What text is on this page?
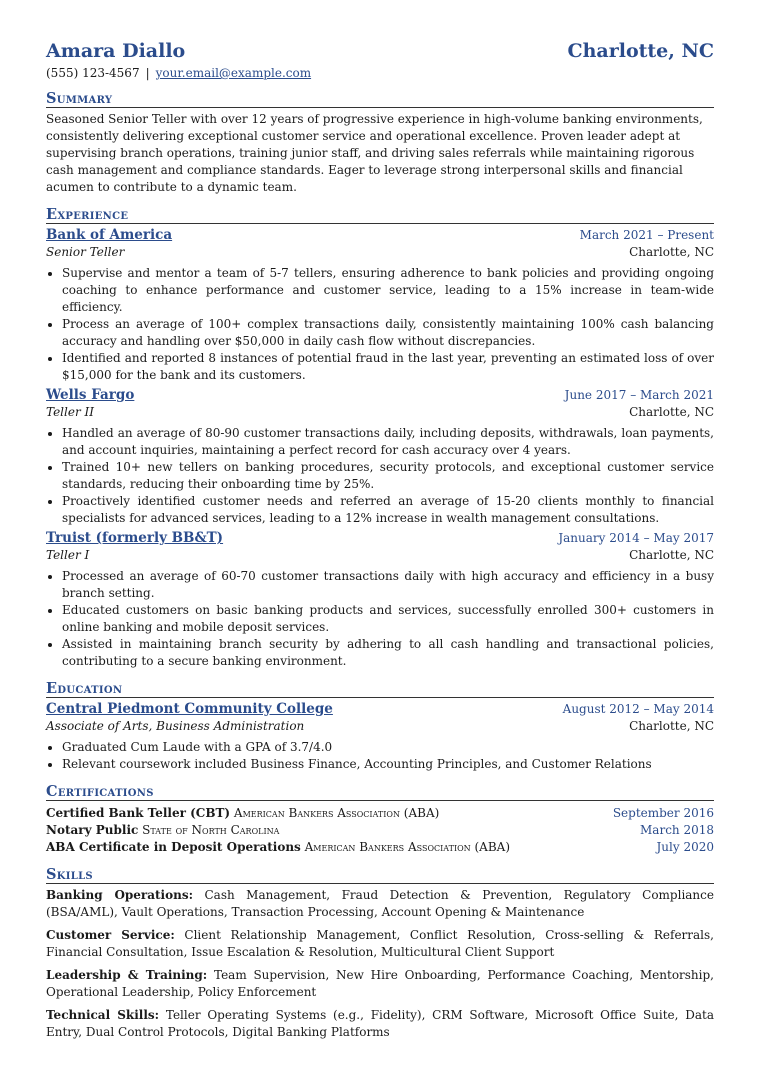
Amara Diallo	Charlotte, NC
(555) 123-4567 | your.email@example.com
Summary

Seasoned Senior Teller with over 12 years of progressive experience in high-volume banking environments, consistently delivering exceptional customer service and operational excellence. Proven leader adept at supervising branch operations, training junior staff, and driving sales referrals while maintaining rigorous cash management and compliance standards. Eager to leverage strong interpersonal skills and financial acumen to contribute to a dynamic team.

Experience
Bank of America	March 2021 – Present
Senior Teller	Charlotte, NC
• Supervise and mentor a team of 5-7 tellers, ensuring adherence to bank policies and providing ongoing coaching to enhance performance and customer service, leading to a 15% increase in team-wide efficiency.
• Process an average of 100+ complex transactions daily, consistently maintaining 100% cash balancing accuracy and handling over $50,000 in daily cash flow without discrepancies.
• Identified and reported 8 instances of potential fraud in the last year, preventing an estimated loss of over $15,000 for the bank and its customers.
Wells Fargo	June 2017 – March 2021
Teller II	Charlotte, NC
• Handled an average of 80-90 customer transactions daily, including deposits, withdrawals, loan payments, and account inquiries, maintaining a perfect record for cash accuracy over 4 years.
• Trained 10+ new tellers on banking procedures, security protocols, and exceptional customer service standards, reducing their onboarding time by 25%.
• Proactively identified customer needs and referred an average of 15-20 clients monthly to financial specialists for advanced services, leading to a 12% increase in wealth management consultations.
Truist (formerly BB&T)	January 2014 – May 2017
Teller I	Charlotte, NC
• Processed an average of 60-70 customer transactions daily with high accuracy and efficiency in a busy branch setting.
• Educated customers on basic banking products and services, successfully enrolled 300+ customers in online banking and mobile deposit services.
• Assisted in maintaining branch security by adhering to all cash handling and transactional policies, contributing to a secure banking environment.
Education
Central Piedmont Community College	August 2012 – May 2014
Associate of Arts, Business Administration	Charlotte, NC
• Graduated Cum Laude with a GPA of 3.7/4.0
• Relevant coursework included Business Finance, Accounting Principles, and Customer Relations
Certifications
Certified Bank Teller (CBT) American Bankers Association (ABA)	September 2016
Notary Public State of North Carolina	March 2018
ABA Certificate in Deposit Operations American Bankers Association (ABA)	July 2020
Skills
Banking Operations: Cash Management, Fraud Detection & Prevention, Regulatory Compliance (BSA/AML), Vault Operations, Transaction Processing, Account Opening & Maintenance
Customer Service: Client Relationship Management, Conflict Resolution, Cross-selling & Referrals, Financial Consultation, Issue Escalation & Resolution, Multicultural Client Support
Leadership & Training: Team Supervision, New Hire Onboarding, Performance Coaching, Mentorship, Operational Leadership, Policy Enforcement
Technical Skills: Teller Operating Systems (e.g., Fidelity), CRM Software, Microsoft Office Suite, Data Entry, Dual Control Protocols, Digital Banking Platforms
